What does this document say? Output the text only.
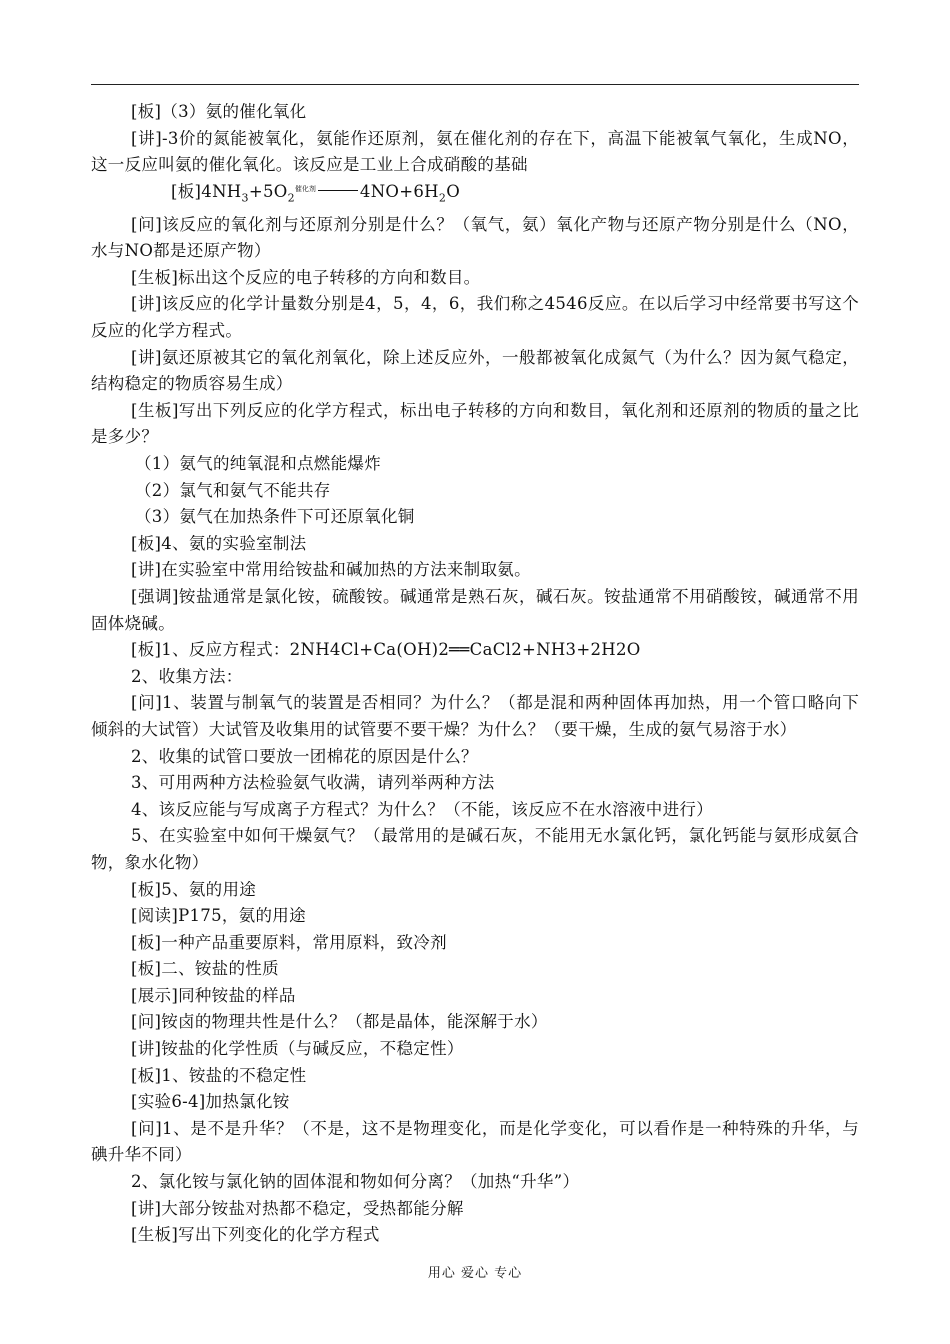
[板]（3）氨的催化氧化

[讲]-3价的氮能被氧化，氨能作还原剂，氨在催化剂的存在下，高温下能被氧气氧化，生成NO，这一反应叫氨的催化氧化。该反应是工业上合成硝酸的基础

[板]$4NH_3+5O_2^{催化剂}$	$4NO+6H_2O$

[问]该反应的氧化剂与还原剂分别是什么？（氧气，氨）氧化产物与还原产物分别是什么（NO，水与NO都是还原产物）

[生板]标出这个反应的电子转移的方向和数目。

[讲]该反应的化学计量数分别是4，5，4，6，我们称之4546反应。在以后学习中经常要书写这个反应的化学方程式。

[讲]氨还原被其它的氧化剂氧化，除上述反应外，一般都被氧化成氮气（为什么？因为氮气稳定，结构稳定的物质容易生成）

[生板]写出下列反应的化学方程式，标出电子转移的方向和数目，氧化剂和还原剂的物质的量之比是多少？

（1）氨气的纯氧混和点燃能爆炸

（2）氯气和氨气不能共存

（3）氨气在加热条件下可还原氧化铜

[板]4、氨的实验室制法

[讲]在实验室中常用给铵盐和碱加热的方法来制取氨。

[强调]铵盐通常是氯化铵，硫酸铵。碱通常是熟石灰，碱石灰。铵盐通常不用硝酸铵，碱通常不用固体烧碱。

[板]1、反应方程式：2NH4Cl+Ca(OH)2══CaCl2+NH3+2H2O

2、收集方法：

[问]1、装置与制氧气的装置是否相同？为什么？（都是混和两种固体再加热，用一个管口略向下倾斜的大试管）大试管及收集用的试管要不要干燥？为什么？（要干燥，生成的氨气易溶于水）

2、收集的试管口要放一团棉花的原因是什么？

3、可用两种方法检验氨气收满，请列举两种方法

4、该反应能与写成离子方程式？为什么？（不能，该反应不在水溶液中进行）

5、在实验室中如何干燥氨气？（最常用的是碱石灰，不能用无水氯化钙，氯化钙能与氨形成氨合物，象水化物）

[板]5、氨的用途

[阅读]P175，氨的用途

[板]一种产品重要原料，常用原料，致冷剂

[板]二、铵盐的性质

[展示]同种铵盐的样品

[问]铵卤的物理共性是什么？（都是晶体，能深解于水）

[讲]铵盐的化学性质（与碱反应，不稳定性）

[板]1、铵盐的不稳定性

[实验6-4]加热氯化铵

[问]1、是不是升华？（不是，这不是物理变化，而是化学变化，可以看作是一种特殊的升华，与碘升华不同）

2、氯化铵与氯化钠的固体混和物如何分离？（加热“升华”）

[讲]大部分铵盐对热都不稳定，受热都能分解

[生板]写出下列变化的化学方程式

用心 爱心 专心
